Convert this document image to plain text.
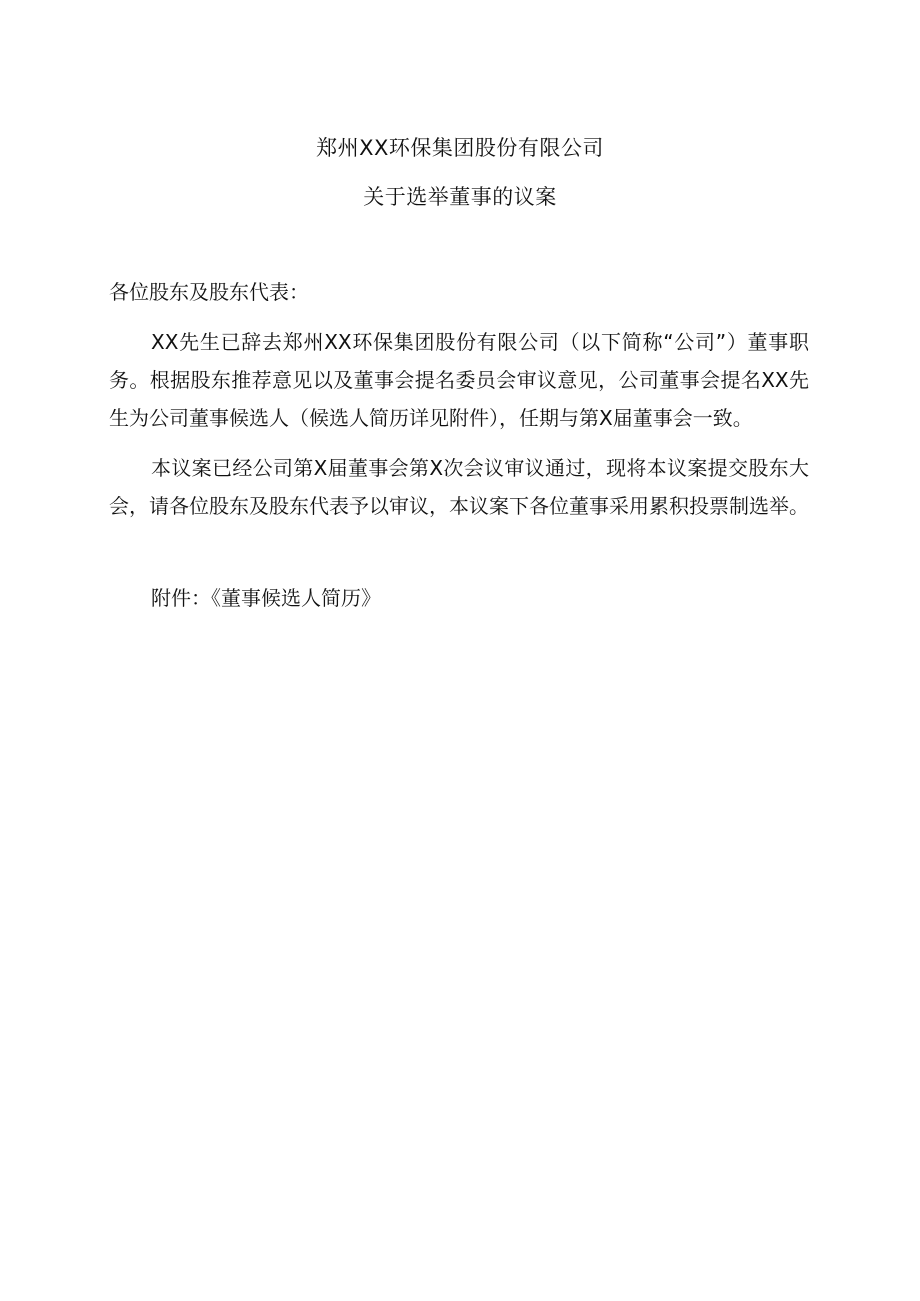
郑州XX环保集团股份有限公司
关于选举董事的议案

各位股东及股东代表：

XX先生已辞去郑州XX环保集团股份有限公司（以下简称“公司”）董事职务。根据股东推荐意见以及董事会提名委员会审议意见，公司董事会提名XX先生为公司董事候选人（候选人简历详见附件），任期与第X届董事会一致。

本议案已经公司第X届董事会第X次会议审议通过，现将本议案提交股东大会，请各位股东及股东代表予以审议，本议案下各位董事采用累积投票制选举。

附件：《董事候选人简历》
